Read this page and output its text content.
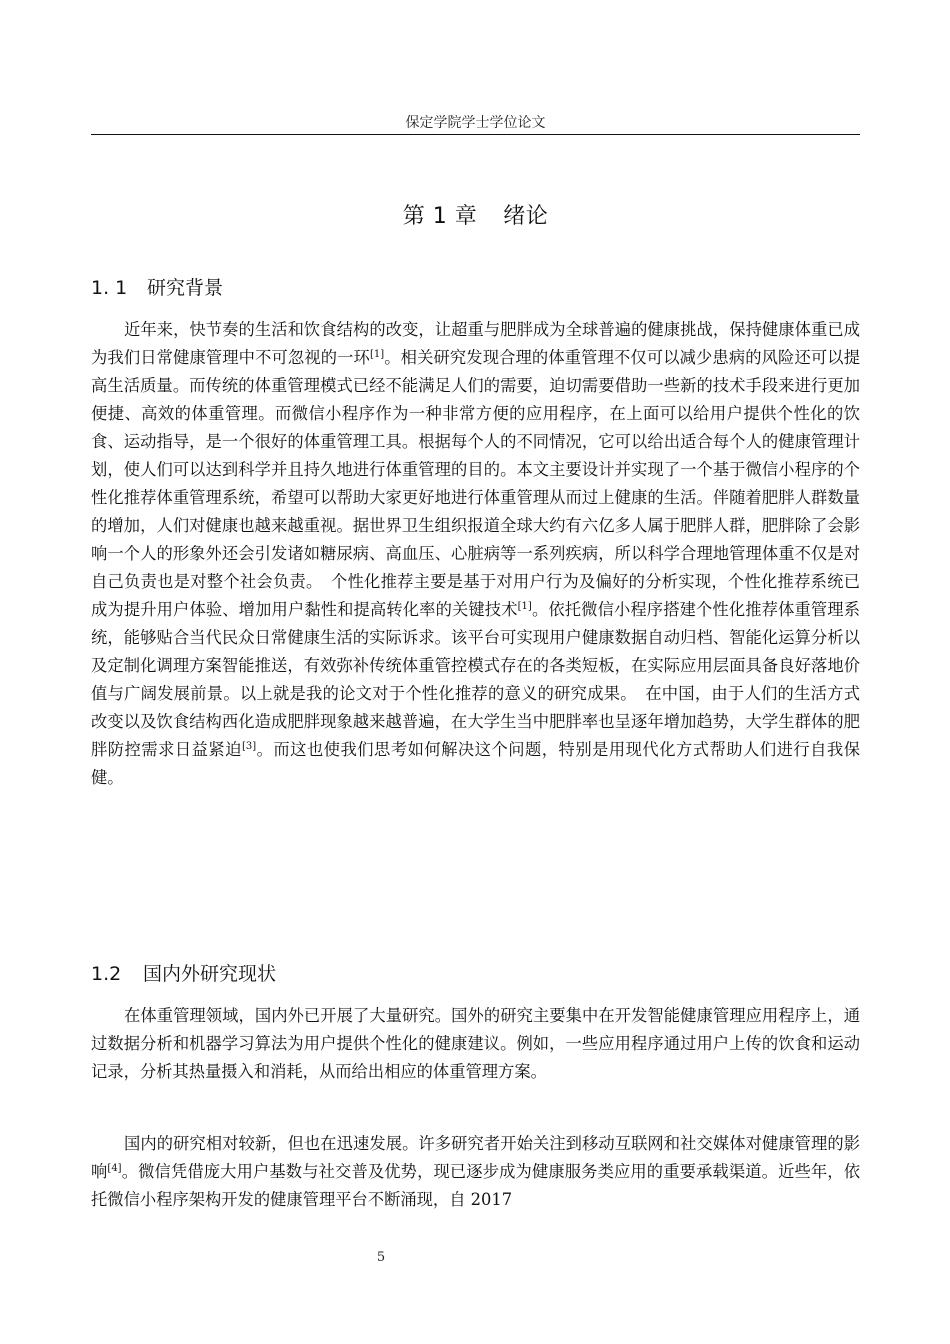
保定学院学士学位论文
第 1 章 绪论
1. 1 研究背景

近年来，快节奏的生活和饮食结构的改变，让超重与肥胖成为全球普遍的健康挑战，保持健康体重已成为我们日常健康管理中不可忽视的一环[1]。相关研究发现合理的体重管理不仅可以减少患病的风险还可以提高生活质量。而传统的体重管理模式已经不能满足人们的需要，迫切需要借助一些新的技术手段来进行更加便捷、高效的体重管理。而微信小程序作为一种非常方便的应用程序，在上面可以给用户提供个性化的饮食、运动指导，是一个很好的体重管理工具。根据每个人的不同情况，它可以给出适合每个人的健康管理计划，使人们可以达到科学并且持久地进行体重管理的目的。本文主要设计并实现了一个基于微信小程序的个性化推荐体重管理系统，希望可以帮助大家更好地进行体重管理从而过上健康的生活。伴随着肥胖人群数量的增加，人们对健康也越来越重视。据世界卫生组织报道全球大约有六亿多人属于肥胖人群，肥胖除了会影响一个人的形象外还会引发诸如糖尿病、高血压、心脏病等一系列疾病，所以科学合理地管理体重不仅是对自己负责也是对整个社会负责。　个性化推荐主要是基于对用户行为及偏好的分析实现，个性化推荐系统已成为提升用户体验、增加用户黏性和提高转化率的关键技术[1]。依托微信小程序搭建个性化推荐体重管理系统，能够贴合当代民众日常健康生活的实际诉求。该平台可实现用户健康数据自动归档、智能化运算分析以及定制化调理方案智能推送，有效弥补传统体重管控模式存在的各类短板，在实际应用层面具备良好落地价值与广阔发展前景。以上就是我的论文对于个性化推荐的意义的研究成果。　在中国，由于人们的生活方式改变以及饮食结构西化造成肥胖现象越来越普遍，在大学生当中肥胖率也呈逐年增加趋势，大学生群体的肥胖防控需求日益紧迫[3]。而这也使我们思考如何解决这个问题，特别是用现代化方式帮助人们进行自我保健。

1.2 国内外研究现状

在体重管理领域，国内外已开展了大量研究。国外的研究主要集中在开发智能健康管理应用程序上，通过数据分析和机器学习算法为用户提供个性化的健康建议。例如，一些应用程序通过用户上传的饮食和运动记录，分析其热量摄入和消耗，从而给出相应的体重管理方案。

国内的研究相对较新，但也在迅速发展。许多研究者开始关注到移动互联网和社交媒体对健康管理的影响[4]。微信凭借庞大用户基数与社交普及优势，现已逐步成为健康服务类应用的重要承载渠道。近些年，依托微信小程序架构开发的健康管理平台不断涌现，自 2017

5
